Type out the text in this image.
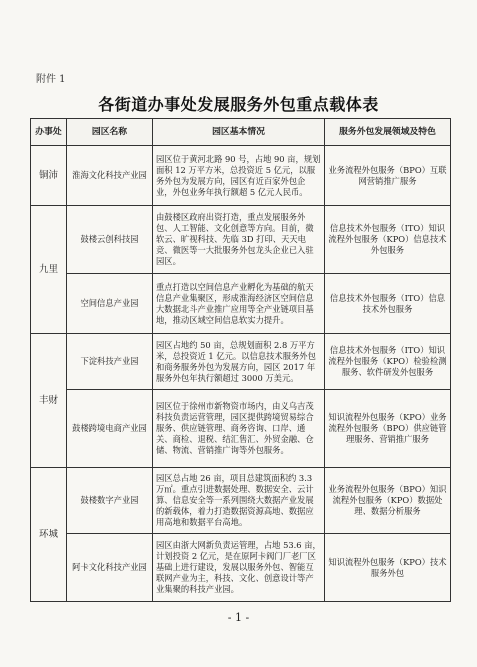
附件 1
各街道办事处发展服务外包重点载体表
办事处	园区名称	园区基本情况	服务外包发展领域及特色
铜沛	淮海文化科技产业园	园区位于黄河北路 90 号，占地 90 亩，规划面积 12 万平方米，总投资近 5 亿元，以服务外包为发展方向，园区有近百家外包企业，外包业务年执行额超 5 亿元人民币。	业务流程外包服务（BPO）互联网营销推广服务
九里	鼓楼云创科技园	由鼓楼区政府出资打造，重点发展服务外包、人工智能、文化创意等方向。目前，微软云、旷视科技、先临 3D 打印、天天电竞、微医等一大批服务外包龙头企业已入驻园区。	信息技术外包服务（ITO）知识流程外包服务（KPO）信息技术外包服务
	空间信息产业园	重点打造以空间信息产业孵化为基础的航天信息产业集聚区，形成淮海经济区空间信息大数据北斗产业推广应用等全产业链项目基地，推动区域空间信息软实力提升。	信息技术外包服务（ITO）信息技术外包服务
丰财	下淀科技产业园	园区占地约 50 亩，总规划面积 2.8 万平方米，总投资近 1 亿元。以信息技术服务外包和商务服务外包为发展方向，园区 2017 年服务外包年执行额超过 3000 万美元。	信息技术外包服务（ITO）知识流程外包服务（KPO）检验检测服务、软件研发外包服务
	鼓楼跨境电商产业园	园区位于徐州市新物资市场内，由义乌吉茂科技负责运营管理，园区提供跨境贸易综合服务、供应链管理、商务咨询、口岸、通关、商检、退税、结汇售汇、外贸金融、仓储、物流、营销推广询等外包服务。	知识流程外包服务（KPO）业务流程外包服务（BPO）供应链管理服务、营销推广服务
环城	鼓楼数字产业园	园区总占地 26 亩，项目总建筑面积约 3.3 万㎡。重点引进数据处理、数据安全、云计算、信息安全等一系列围绕大数据产业发展的新载体，着力打造数据资源高地、数据应用高地和数据平台高地。	业务流程外包服务（BPO）知识流程外包服务（KPO）数据处理、数据分析服务
	阿卡文化科技产业园	园区由浙大网新负责运管理，占地 53.6 亩，计划投资 2 亿元，是在原阿卡阀门厂老厂区基础上进行建设，发展以服务外包、智能互联网产业为主，科技、文化、创意设计等产业集聚的科技产业园。	知识流程外包服务（KPO）技术服务外包
- 1 -
